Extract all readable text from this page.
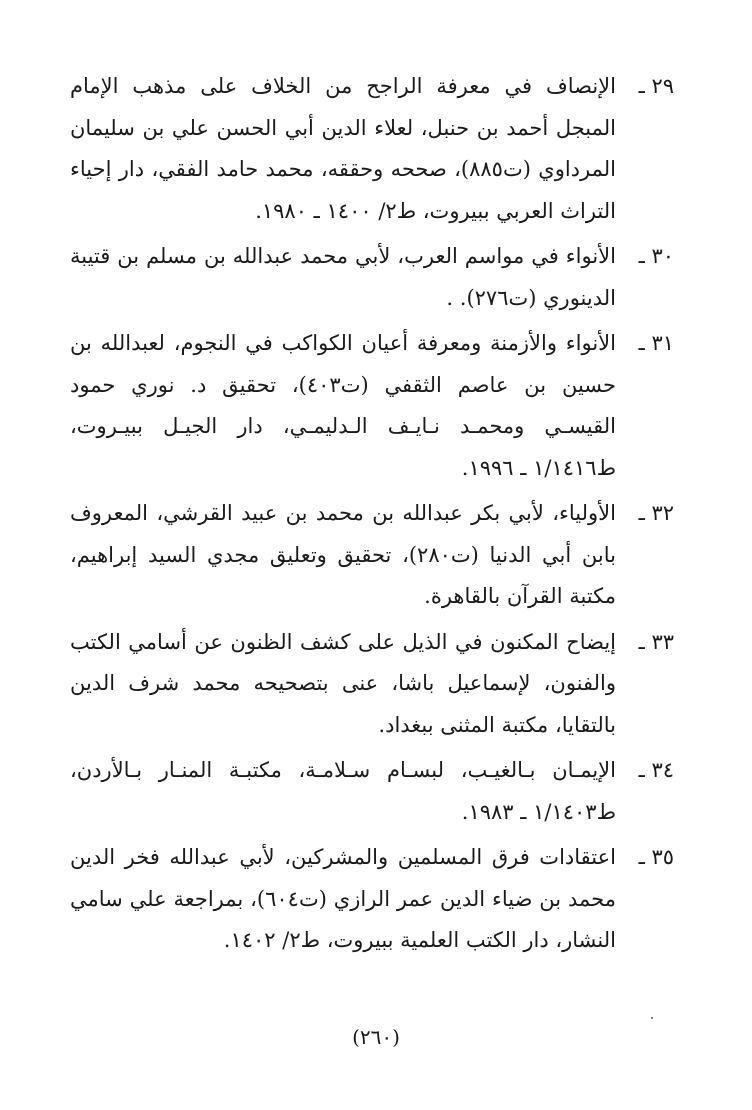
٢٩ ـ
الإنصاف في معرفة الراجح من الخلاف على مذهب الإمام المبجل أحمد بن حنبل، لعلاء الدين أبي الحسن علي بن سليمان المرداوي (ت٨٨٥)، صححه وحققه، محمد حامد الفقي، دار إحياء التراث العربي ببيروت، ط٢/ ١٤٠٠ ـ ١٩٨٠.
٣٠ ـ
الأنواء في مواسم العرب، لأبي محمد عبدالله بن مسلم بن قتيبة الدينوري (ت٢٧٦). .
٣١ ـ
الأنواء والأزمنة ومعرفة أعيان الكواكب في النجوم، لعبدالله بن حسين بن عاصم الثقفي (ت٤٠٣)، تحقيق د. نوري حمود القيسـي ومحمـد نـايـف الـدليمـي، دار الجيـل ببيـروت، ط١/١٤١٦ ـ ١٩٩٦.
٣٢ ـ
الأولياء، لأبي بكر عبدالله بن محمد بن عبيد القرشي، المعروف بابن أبي الدنيا (ت٢٨٠)، تحقيق وتعليق مجدي السيد إبراهيم، مكتبة القرآن بالقاهرة.
٣٣ ـ
إيضاح المكنون في الذيل على كشف الظنون عن أسامي الكتب والفنون، لإسماعيل باشا، عنى بتصحيحه محمد شرف الدين بالتقايا، مكتبة المثنى ببغداد.
٣٤ ـ
الإيمـان بـالغيـب، لبسـام سـلامـة، مكتبـة المنـار بـالأردن، ط١/١٤٠٣ ـ ١٩٨٣.
٣٥ ـ
اعتقادات فرق المسلمين والمشركين، لأبي عبدالله فخر الدين محمد بن ضياء الدين عمر الرازي (ت٦٠٤)، بمراجعة علي سامي النشار، دار الكتب العلمية ببيروت، ط٢/ ١٤٠٢.
(٢٦٠)
